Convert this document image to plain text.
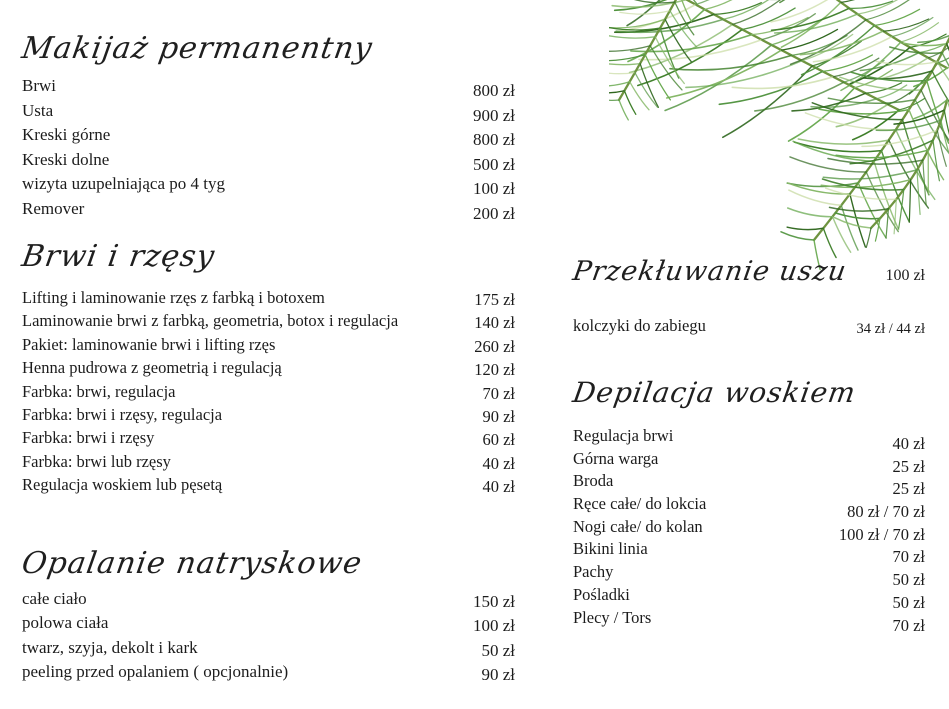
Makijaż permanentny
Brwi	800 zł
Usta	900 zł
Kreski górne	800 zł
Kreski dolne	500 zł
wizyta uzupelniająca po 4 tyg	100 zł
Remover	200 zł
Brwi i rzęsy
Lifting i laminowanie rzęs z farbką i botoxem	175 zł
Laminowanie brwi z farbką, geometria, botox i regulacja	140 zł
Pakiet: laminowanie brwi i lifting rzęs	260 zł
Henna pudrowa z geometrią i regulacją	120 zł
Farbka: brwi, regulacja	70 zł
Farbka: brwi i rzęsy, regulacja	90 zł
Farbka: brwi i rzęsy	60 zł
Farbka: brwi lub rzęsy	40 zł
Regulacja woskiem lub pęsetą	40 zł
Opalanie natryskowe
całe ciało	150 zł
polowa ciała	100 zł
twarz, szyja, dekolt i kark	50 zł
peeling przed opalaniem ( opcjonalnie)	90 zł
Przekłuwanie uszu 100 zł
kolczyki do zabiegu	34 zł / 44 zł
Depilacja woskiem
Regulacja brwi	40 zł
Górna warga	25 zł
Broda	25 zł
Ręce całe/ do lokcia	80 zł / 70 zł
Nogi całe/ do kolan	100 zł / 70 zł
Bikini linia	70 zł
Pachy	50 zł
Pośladki	50 zł
Plecy / Tors	70 zł
